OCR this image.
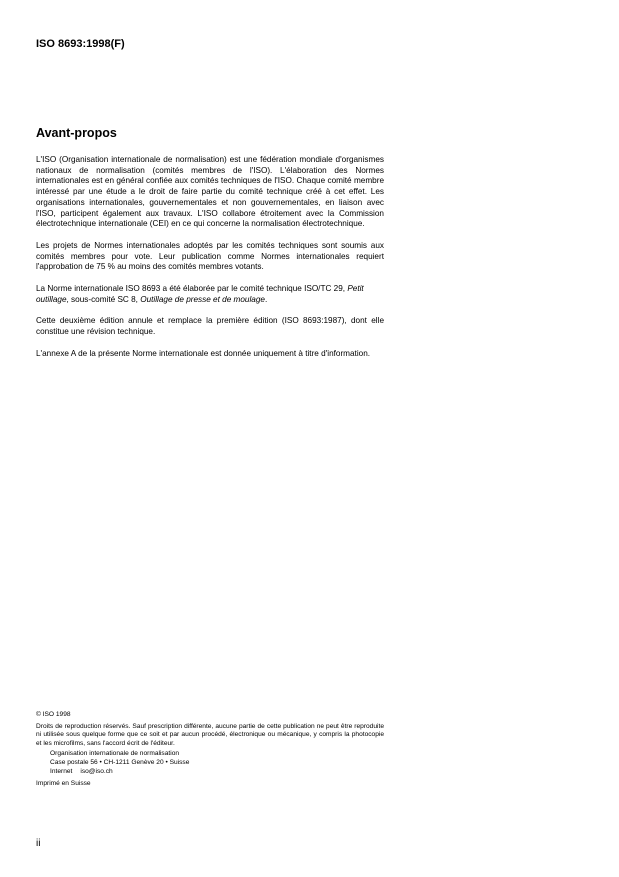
ISO 8693:1998(F)
Avant-propos

L'ISO (Organisation internationale de normalisation) est une fédération mondiale d'organismes nationaux de normalisation (comités membres de l'ISO). L'élaboration des Normes internationales est en général confiée aux comités techniques de l'ISO. Chaque comité membre intéressé par une étude a le droit de faire partie du comité technique créé à cet effet. Les organisations internationales, gouvernementales et non gouvernementales, en liaison avec l'ISO, participent également aux travaux. L'ISO collabore étroitement avec la Commission électrotechnique internationale (CEI) en ce qui concerne la normalisation électrotechnique.

Les projets de Normes internationales adoptés par les comités techniques sont soumis aux comités membres pour vote. Leur publication comme Normes internationales requiert l'approbation de 75 % au moins des comités membres votants.

La Norme internationale ISO 8693 a été élaborée par le comité technique ISO/TC 29, Petit outillage, sous-comité SC 8, Outillage de presse et de moulage.

Cette deuxième édition annule et remplace la première édition (ISO 8693:1987), dont elle constitue une révision technique.

L'annexe A de la présente Norme internationale est donnée uniquement à titre d'information.

© ISO 1998
Droits de reproduction réservés. Sauf prescription différente, aucune partie de cette publication ne peut être reproduite ni utilisée sous quelque forme que ce soit et par aucun procédé, électronique ou mécanique, y compris la photocopie et les microfilms, sans l'accord écrit de l'éditeur.
Organisation internationale de normalisation
Case postale 56 • CH-1211 Genève 20 • Suisse
Internet iso@iso.ch
Imprimé en Suisse
ii
